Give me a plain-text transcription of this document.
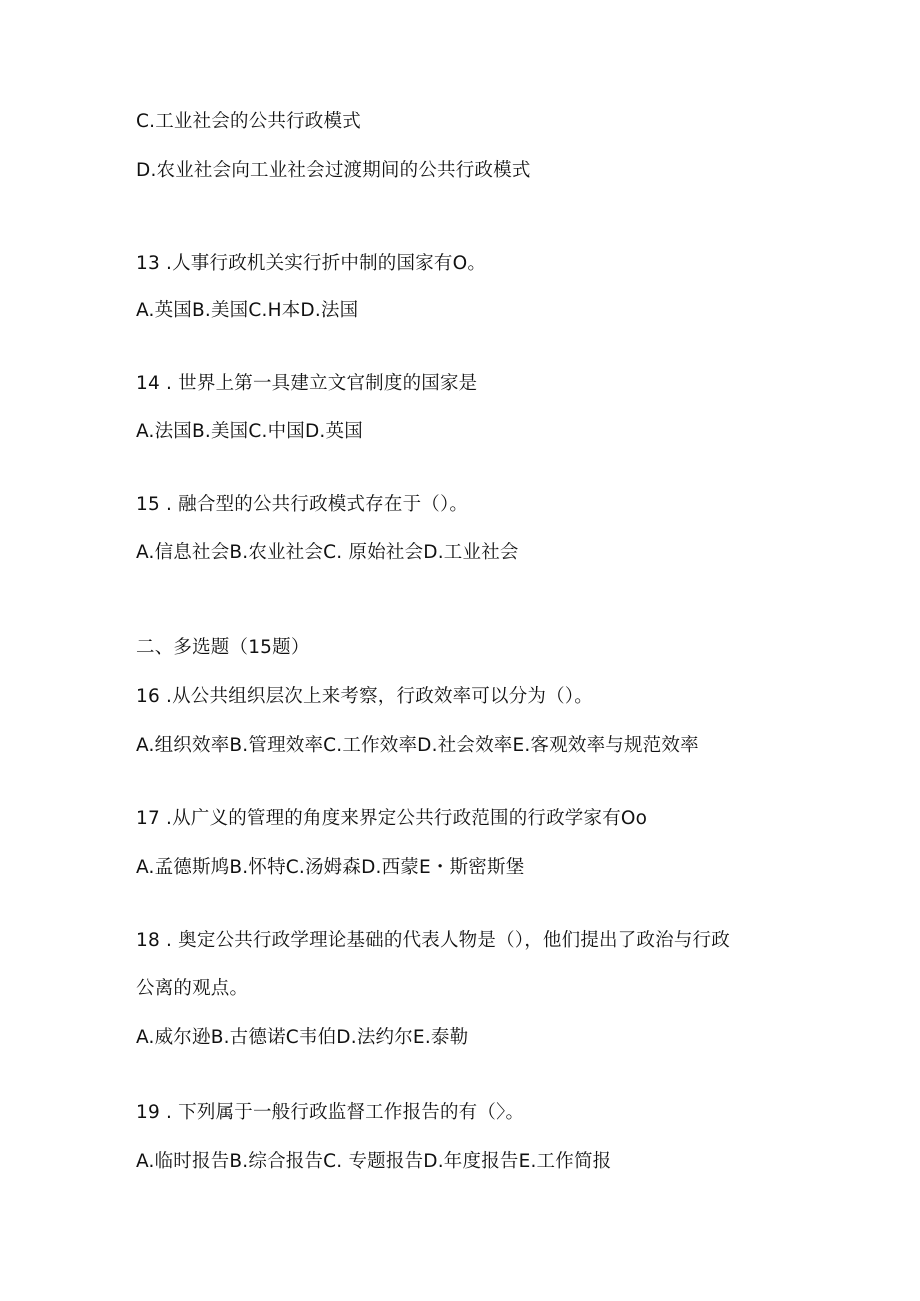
C.工业社会的公共行政模式
D.农业社会向工业社会过渡期间的公共行政模式
13 .人事行政机关实行折中制的国家有O。
A.英国B.美国C.H本D.法国
14 . 世界上第一具建立文官制度的国家是
A.法国B.美国C.中国D.英国
15 . 融合型的公共行政模式存在于（）。
A.信息社会B.农业社会C. 原始社会D.工业社会
二、多选题（15题）
16 .从公共组织层次上来考察，行政效率可以分为（）。
A.组织效率B.管理效率C.工作效率D.社会效率E.客观效率与规范效率
17 .从广义的管理的角度来界定公共行政范围的行政学家有Oo
A.孟德斯鸠B.怀特C.汤姆森D.西蒙E・斯密斯堡
18 . 奥定公共行政学理论基础的代表人物是（），他们提出了政治与行政
公离的观点。
A.威尔逊B.古德诺C韦伯D.法约尔E.泰勒
19 . 下列属于一般行政监督工作报告的有（〉。
A.临时报告B.综合报告C. 专题报告D.年度报告E.工作简报
